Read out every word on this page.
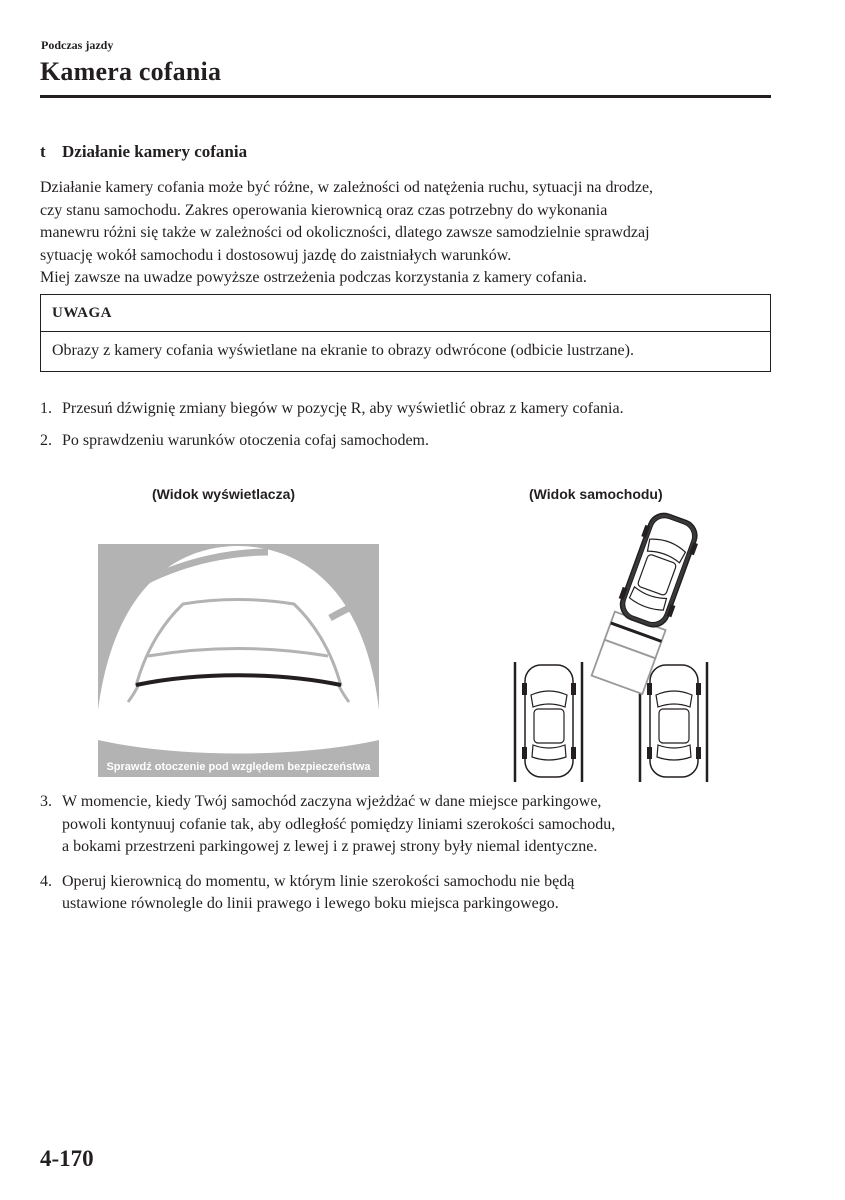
Podczas jazdy
Kamera cofania
t Działanie kamery cofania
Działanie kamery cofania może być różne, w zależności od natężenia ruchu, sytuacji na drodze,
czy stanu samochodu. Zakres operowania kierownicą oraz czas potrzebny do wykonania
manewru różni się także w zależności od okoliczności, dlatego zawsze samodzielnie sprawdzaj
sytuację wokół samochodu i dostosowuj jazdę do zaistniałych warunków.
Miej zawsze na uwadze powyższe ostrzeżenia podczas korzystania z kamery cofania.
UWAGA
Obrazy z kamery cofania wyświetlane na ekranie to obrazy odwrócone (odbicie lustrzane).
1. Przesuń dźwignię zmiany biegów w pozycję R, aby wyświetlić obraz z kamery cofania.
2. Po sprawdzeniu warunków otoczenia cofaj samochodem.
(Widok wyświetlacza)	(Widok samochodu)
Sprawdź otoczenie pod względem bezpieczeństwa
3. W momencie, kiedy Twój samochód zaczyna wjeżdżać w dane miejsce parkingowe,
powoli kontynuuj cofanie tak, aby odległość pomiędzy liniami szerokości samochodu,
a bokami przestrzeni parkingowej z lewej i z prawej strony były niemal identyczne.
4. Operuj kierownicą do momentu, w którym linie szerokości samochodu nie będą
ustawione równolegle do linii prawego i lewego boku miejsca parkingowego.
4-170
